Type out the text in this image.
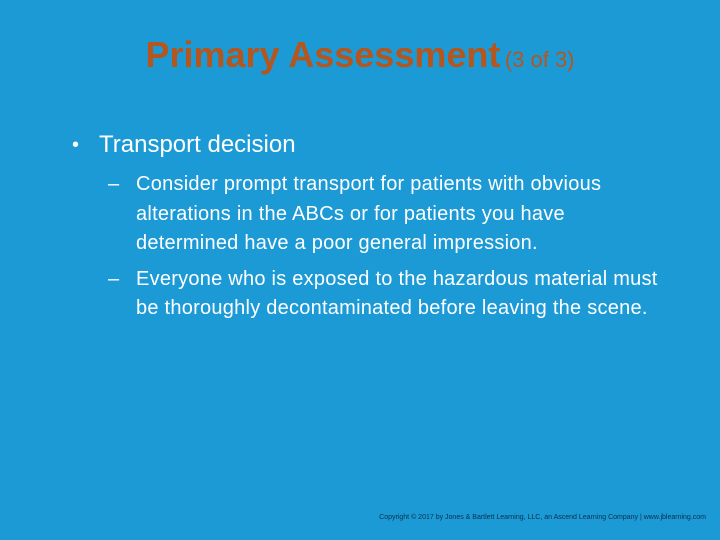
Primary Assessment (3 of 3)
• Transport decision
– Consider prompt transport for patients with obvious alterations in the ABCs or for patients you have determined have a poor general impression.
– Everyone who is exposed to the hazardous material must be thoroughly decontaminated before leaving the scene.
Copyright © 2017 by Jones & Bartlett Learning, LLC, an Ascend Learning Company | www.jblearning.com
